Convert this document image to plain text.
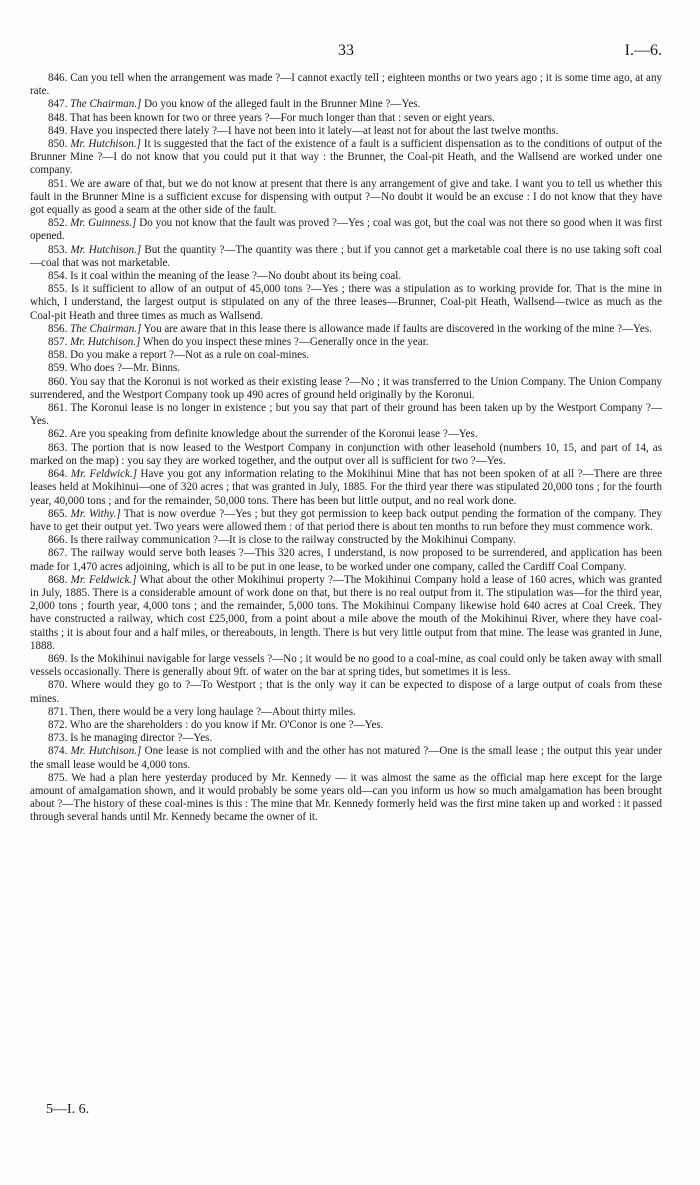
33	I.—6.

846. Can you tell when the arrangement was made ?—I cannot exactly tell ; eighteen months or two years ago ; it is some time ago, at any rate.

847. The Chairman.] Do you know of the alleged fault in the Brunner Mine ?—Yes.

848. That has been known for two or three years ?—For much longer than that : seven or eight years.

849. Have you inspected there lately ?—I have not been into it lately—at least not for about the last twelve months.

850. Mr. Hutchison.] It is suggested that the fact of the existence of a fault is a sufficient dispensation as to the conditions of output of the Brunner Mine ?—I do not know that you could put it that way : the Brunner, the Coal-pit Heath, and the Wallsend are worked under one company.

851. We are aware of that, but we do not know at present that there is any arrangement of give and take. I want you to tell us whether this fault in the Brunner Mine is a sufficient excuse for dispensing with output ?—No doubt it would be an excuse : I do not know that they have got equally as good a seam at the other side of the fault.

852. Mr. Guinness.] Do you not know that the fault was proved ?—Yes ; coal was got, but the coal was not there so good when it was first opened.

853. Mr. Hutchison.] But the quantity ?—The quantity was there ; but if you cannot get a marketable coal there is no use taking soft coal—coal that was not marketable.

854. Is it coal within the meaning of the lease ?—No doubt about its being coal.

855. Is it sufficient to allow of an output of 45,000 tons ?—Yes ; there was a stipulation as to working provide for. That is the mine in which, I understand, the largest output is stipulated on any of the three leases—Brunner, Coal-pit Heath, Wallsend—twice as much as the Coal-pit Heath and three times as much as Wallsend.

856. The Chairman.] You are aware that in this lease there is allowance made if faults are discovered in the working of the mine ?—Yes.

857. Mr. Hutchison.] When do you inspect these mines ?—Generally once in the year.

858. Do you make a report ?—Not as a rule on coal-mines.

859. Who does ?—Mr. Binns.

860. You say that the Koronui is not worked as their existing lease ?—No ; it was transferred to the Union Company. The Union Company surrendered, and the Westport Company took up 490 acres of ground held originally by the Koronui.

861. The Koronui lease is no longer in existence ; but you say that part of their ground has been taken up by the Westport Company ?—Yes.

862. Are you speaking from definite knowledge about the surrender of the Koronui lease ?—Yes.

863. The portion that is now leased to the Westport Company in conjunction with other leasehold (numbers 10, 15, and part of 14, as marked on the map) : you say they are worked together, and the output over all is sufficient for two ?—Yes.

864. Mr. Feldwick.] Have you got any information relating to the Mokihinui Mine that has not been spoken of at all ?—There are three leases held at Mokihinui—one of 320 acres ; that was granted in July, 1885. For the third year there was stipulated 20,000 tons ; for the fourth year, 40,000 tons ; and for the remainder, 50,000 tons. There has been but little output, and no real work done.

865. Mr. Withy.] That is now overdue ?—Yes ; but they got permission to keep back output pending the formation of the company. They have to get their output yet. Two years were allowed them : of that period there is about ten months to run before they must commence work.

866. Is there railway communication ?—It is close to the railway constructed by the Mokihinui Company.

867. The railway would serve both leases ?—This 320 acres, I understand, is now proposed to be surrendered, and application has been made for 1,470 acres adjoining, which is all to be put in one lease, to be worked under one company, called the Cardiff Coal Company.

868. Mr. Feldwick.] What about the other Mokihinui property ?—The Mokihinui Company hold a lease of 160 acres, which was granted in July, 1885. There is a considerable amount of work done on that, but there is no real output from it. The stipulation was—for the third year, 2,000 tons ; fourth year, 4,000 tons ; and the remainder, 5,000 tons. The Mokihinui Company likewise hold 640 acres at Coal Creek. They have constructed a railway, which cost £25,000, from a point about a mile above the mouth of the Mokihinui River, where they have coal-staiths ; it is about four and a half miles, or thereabouts, in length. There is but very little output from that mine. The lease was granted in June, 1888.

869. Is the Mokihinui navigable for large vessels ?—No ; it would be no good to a coal-mine, as coal could only be taken away with small vessels occasionally. There is generally about 9ft. of water on the bar at spring tides, but sometimes it is less.

870. Where would they go to ?—To Westport ; that is the only way it can be expected to dispose of a large output of coals from these mines.

871. Then, there would be a very long haulage ?—About thirty miles.

872. Who are the shareholders : do you know if Mr. O'Conor is one ?—Yes.

873. Is he managing director ?—Yes.

874. Mr. Hutchison.] One lease is not complied with and the other has not matured ?—One is the small lease ; the output this year under the small lease would be 4,000 tons.

875. We had a plan here yesterday produced by Mr. Kennedy — it was almost the same as the official map here except for the large amount of amalgamation shown, and it would probably be some years old—can you inform us how so much amalgamation has been brought about ?—The history of these coal-mines is this : The mine that Mr. Kennedy formerly held was the first mine taken up and worked : it passed through several hands until Mr. Kennedy became the owner of it.

5—I. 6.
